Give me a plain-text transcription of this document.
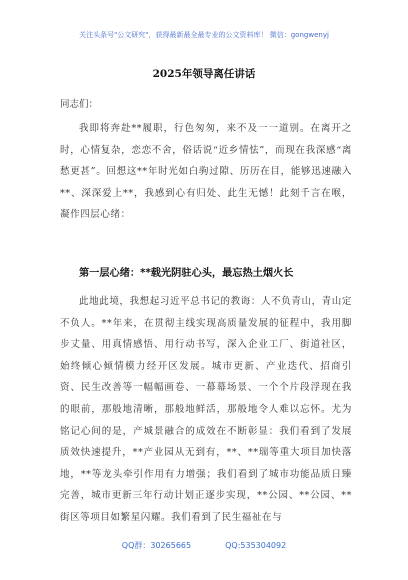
关注头条号"公文研究"，获得最新最全最专业的公文资料库！ 微信：gongwenyj
2025年领导离任讲话
同志们：

我即将奔赴**履职，行色匆匆，来不及一一道别。在离开之时，心情复杂，恋恋不舍，俗话说“近乡情怯”，而现在我深感“离愁更甚”。回想这**年时光如白驹过隙、历历在目，能够迅速融入**、深深爱上**，我感到心有归处、此生无憾！此刻千言在喉，凝作四层心绪：

第一层心绪：**载光阴驻心头，最忘热土烟火长

此地此境，我想起习近平总书记的教诲：人不负青山，青山定不负人。**年来，在贯彻主线实现高质量发展的征程中，我用脚步丈量、用真情感悟、用行动书写，深入企业工厂、街道社区，始终倾心倾情模力经开区发展。城市更新、产业迭代、招商引资、民生改善等一幅幅画卷、一幕幕场景、一个个片段浮现在我的眼前，那般地清晰，那般地鲜活，那般地令人难以忘怀。尤为铭记心间的是，产城景融合的成效在不断彰显：我们看到了发展质效快速提升，**产业园从无到有，**、**瑞等重大项目加快落地，**等龙头牵引作用有力增强；我们看到了城市功能品质日臻完善，城市更新三年行动计划正逐步实现，**公园、**公园、**街区等项目如繁星闪耀。我们看到了民生福祉在与

QQ群：30265665	QQ:535304092
